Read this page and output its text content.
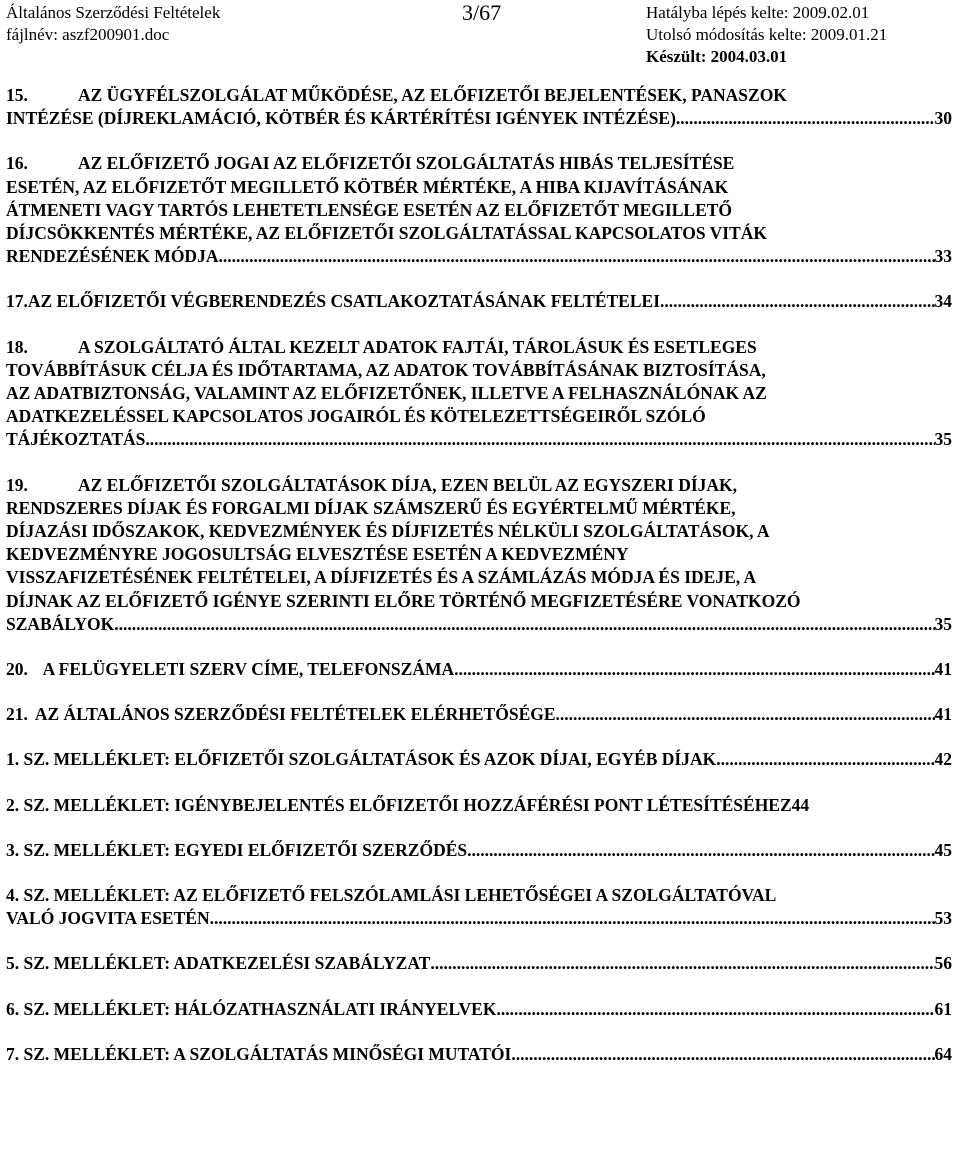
Általános Szerződési Feltételek
fájlnév: aszf200901.doc
3/67	Hatályba lépés kelte: 2009.02.01
Utolsó módosítás kelte: 2009.01.21
Készült: 2004.03.01
15.	AZ ÜGYFÉLSZOLGÁLAT MŰKÖDÉSE, AZ ELŐFIZETŐI BEJELENTÉSEK, PANASZOK
INTÉZÉSE (DÍJREKLAMÁCIÓ, KÖTBÉR ÉS KÁRTÉRÍTÉSI IGÉNYEK INTÉZÉSE). .....	30
16.	AZ ELŐFIZETŐ JOGAI AZ ELŐFIZETŐI SZOLGÁLTATÁS HIBÁS TELJESÍTÉSE
ESETÉN, AZ ELŐFIZETŐT MEGILLETŐ KÖTBÉR MÉRTÉKE, A HIBA KIJAVÍTÁSÁNAK
ÁTMENETI VAGY TARTÓS LEHETETLENSÉGE ESETÉN AZ ELŐFIZETŐT MEGILLETŐ
DÍJCSÖKKENTÉS MÉRTÉKE, AZ ELŐFIZETŐI SZOLGÁLTATÁSSAL KAPCSOLATOS VITÁK
RENDEZÉSÉNEK MÓDJA .....	33
17. AZ ELŐFIZETŐI VÉGBERENDEZÉS CSATLAKOZTATÁSÁNAK FELTÉTELEI .....	34
18.	A SZOLGÁLTATÓ ÁLTAL KEZELT ADATOK FAJTÁI, TÁROLÁSUK ÉS ESETLEGES
TOVÁBBÍTÁSUK CÉLJA ÉS IDŐTARTAMA, AZ ADATOK TOVÁBBÍTÁSÁNAK BIZTOSÍTÁSA,
AZ ADATBIZTONSÁG, VALAMINT AZ ELŐFIZETŐNEK, ILLETVE A FELHASZNÁLÓNAK AZ
ADATKEZELÉSSEL KAPCSOLATOS JOGAIRÓL ÉS KÖTELEZETTSÉGEIRŐL SZÓLÓ
TÁJÉKOZTATÁS .....	35
19.	AZ ELŐFIZETŐI SZOLGÁLTATÁSOK DÍJA, EZEN BELÜL AZ EGYSZERI DÍJAK,
RENDSZERES DÍJAK ÉS FORGALMI DÍJAK SZÁMSZERŰ ÉS EGYÉRTELMŰ MÉRTÉKE,
DÍJAZÁSI IDŐSZAKOK, KEDVEZMÉNYEK ÉS DÍJFIZETÉS NÉLKÜLI SZOLGÁLTATÁSOK, A
KEDVEZMÉNYRE JOGOSULTSÁG ELVESZTÉSE ESETÉN A KEDVEZMÉNY
VISSZAFIZETÉSÉNEK FELTÉTELEI, A DÍJFIZETÉS ÉS A SZÁMLÁZÁS MÓDJA ÉS IDEJE, A
DÍJNAK AZ ELŐFIZETŐ IGÉNYE SZERINTI ELŐRE TÖRTÉNŐ MEGFIZETÉSÉRE VONATKOZÓ
SZABÁLYOK .....	35
20. A FELÜGYELETI SZERV CÍME, TELEFONSZÁMA .....	41
21. AZ ÁLTALÁNOS SZERZŐDÉSI FELTÉTELEK ELÉRHETŐSÉGE .....	41
1. SZ. MELLÉKLET: ELŐFIZETŐI SZOLGÁLTATÁSOK ÉS AZOK DÍJAI, EGYÉB DÍJAK .....	42
2. SZ. MELLÉKLET: IGÉNYBEJELENTÉS ELŐFIZETŐI HOZZÁFÉRÉSI PONT LÉTESÍTÉSÉHEZ 44
3. SZ. MELLÉKLET: EGYEDI ELŐFIZETŐI SZERZŐDÉS .....	45
4. SZ. MELLÉKLET: AZ ELŐFIZETŐ FELSZÓLAMLÁSI LEHETŐSÉGEI A SZOLGÁLTATÓVAL
VALÓ JOGVITA ESETÉN .....	53
5. SZ. MELLÉKLET: ADATKEZELÉSI SZABÁLYZAT .....	56
6. SZ. MELLÉKLET: HÁLÓZATHASZNÁLATI IRÁNYELVEK .....	61
7. SZ. MELLÉKLET: A SZOLGÁLTATÁS MINŐSÉGI MUTATÓI .....	64
